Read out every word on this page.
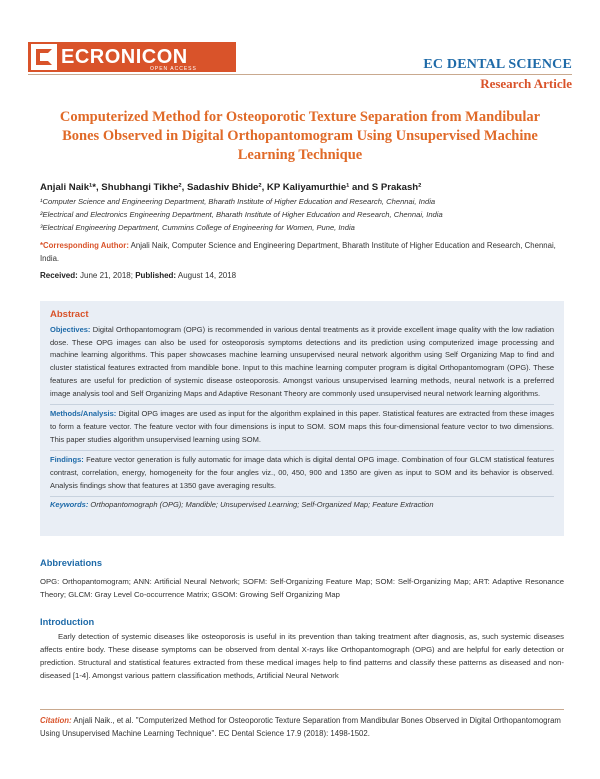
ECRONICON
OPEN ACCESS	EC DENTAL SCIENCE
Research Article
Computerized Method for Osteoporotic Texture Separation from Mandibular Bones Observed in Digital Orthopantomogram Using Unsupervised Machine Learning Technique
Anjali Naik¹*, Shubhangi Tikhe², Sadashiv Bhide², KP Kaliyamurthie¹ and S Prakash²
¹Computer Science and Engineering Department, Bharath Institute of Higher Education and Research, Chennai, India
²Electrical and Electronics Engineering Department, Bharath Institute of Higher Education and Research, Chennai, India
³Electrical Engineering Department, Cummins College of Engineering for Women, Pune, India
*Corresponding Author: Anjali Naik, Computer Science and Engineering Department, Bharath Institute of Higher Education and Research, Chennai, India.
Received: June 21, 2018; Published: August 14, 2018
Abstract

Objectives: Digital Orthopantomogram (OPG) is recommended in various dental treatments as it provide excellent image quality with the low radiation dose. These OPG images can also be used for osteoporosis symptoms detections and its prediction using computerized image processing and machine learning algorithms. This paper showcases machine learning unsupervised neural network algorithm using Self Organizing Map to find and cluster statistical features extracted from mandible bone. Input to this machine learning computer program is digital Orthopantomogram (OPG). These features are useful for prediction of systemic disease osteoporosis. Amongst various unsupervised learning methods, neural network is a preferred image analysis tool and Self Organizing Maps and Adaptive Resonant Theory are commonly used unsupervised neural network learning algorithms.

Methods/Analysis: Digital OPG images are used as input for the algorithm explained in this paper. Statistical features are extracted from these images to form a feature vector. The feature vector with four dimensions is input to SOM. SOM maps this four-dimensional feature vector to two dimensions. This paper studies algorithm unsupervised learning using SOM.

Findings: Feature vector generation is fully automatic for image data which is digital dental OPG image. Combination of four GLCM statistical features contrast, correlation, energy, homogeneity for the four angles viz., 00, 450, 900 and 1350 are given as input to SOM and its behavior is observed. Analysis findings show that features at 1350 gave averaging results.

Keywords: Orthopantomograph (OPG); Mandible; Unsupervised Learning; Self-Organized Map; Feature Extraction
Abbreviations
OPG: Orthopantomogram; ANN: Artificial Neural Network; SOFM: Self-Organizing Feature Map; SOM: Self-Organizing Map; ART: Adaptive Resonance Theory; GLCM: Gray Level Co-occurrence Matrix; GSOM: Growing Self Organizing Map
Introduction
Early detection of systemic diseases like osteoporosis is useful in its prevention than taking treatment after diagnosis, as, such systemic diseases affects entire body. These disease symptoms can be observed from dental X-rays like Orthopantomograph (OPG) and are helpful for early detection or prediction. Structural and statistical features extracted from these medical images help to find patterns and classify these patterns as diseased and non-diseased [1-4]. Amongst various pattern classification methods, Artificial Neural Network
Citation: Anjali Naik., et al. "Computerized Method for Osteoporotic Texture Separation from Mandibular Bones Observed in Digital Orthopantomogram Using Unsupervised Machine Learning Technique". EC Dental Science 17.9 (2018): 1498-1502.
